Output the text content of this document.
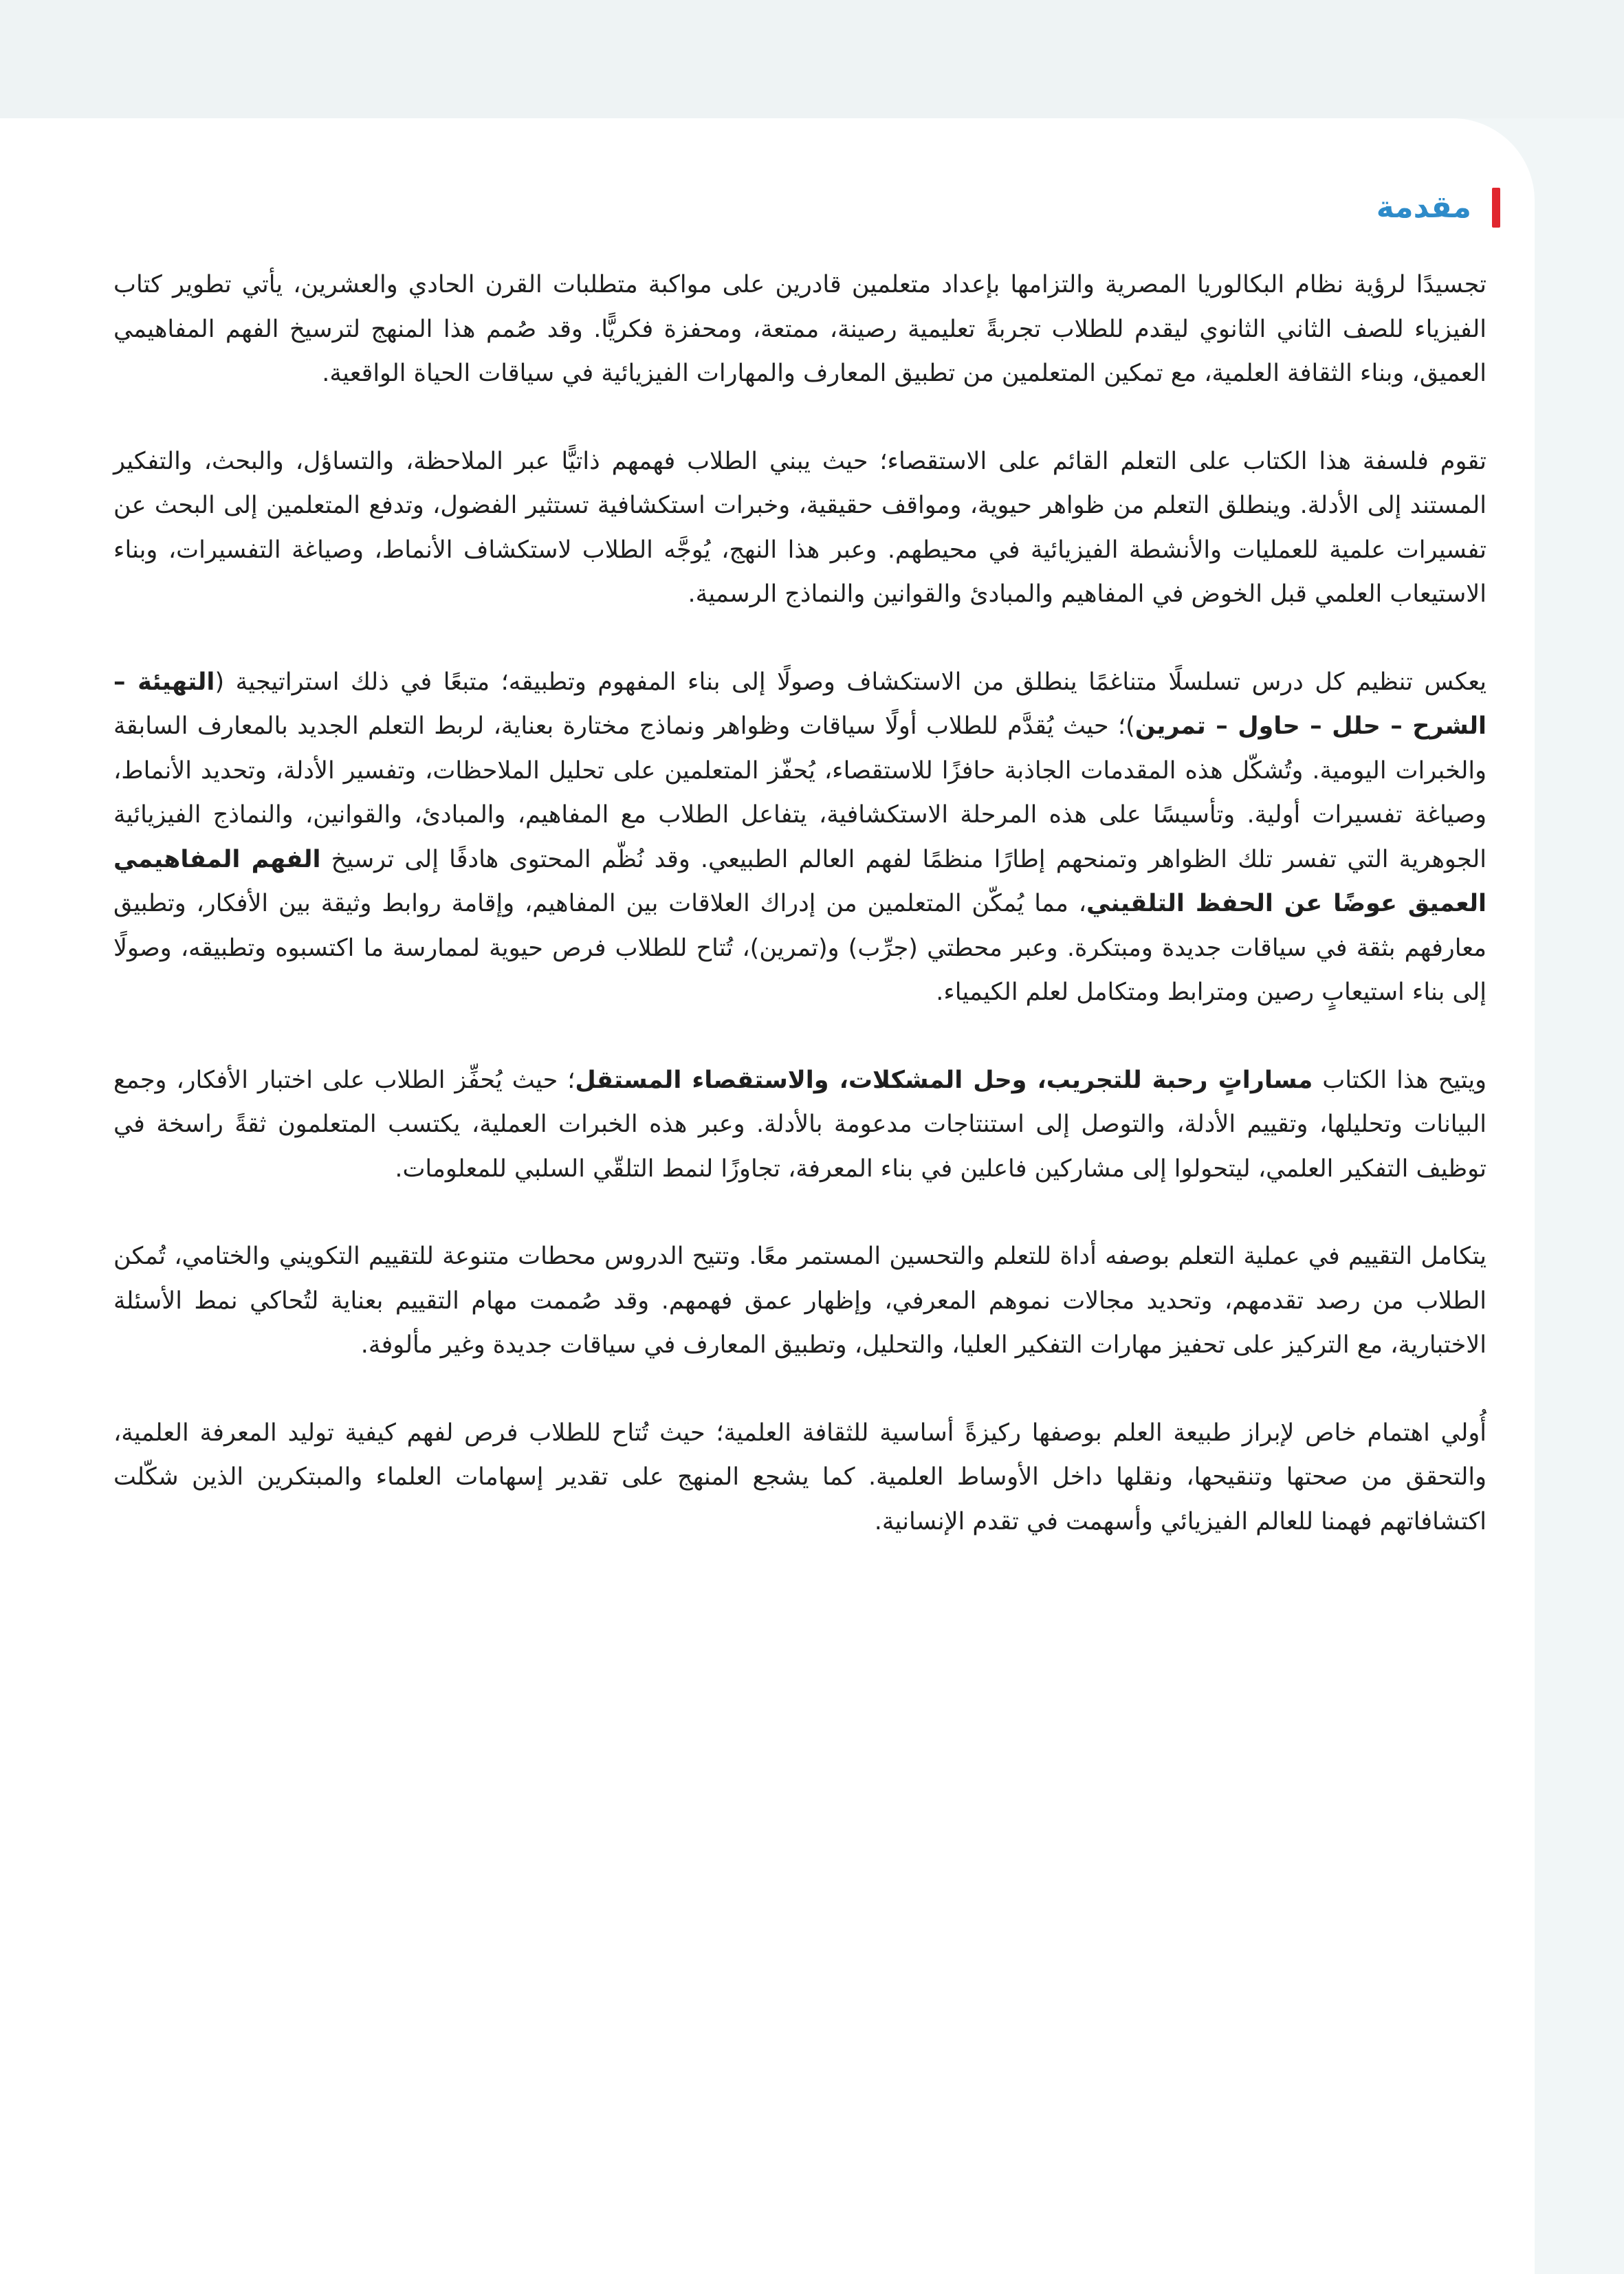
مقدمة

تجسيدًا لرؤية نظام البكالوريا المصرية والتزامها بإعداد متعلمين قادرين على مواكبة متطلبات القرن الحادي والعشرين، يأتي تطوير كتاب الفيزياء للصف الثاني الثانوي ليقدم للطلاب تجربةً تعليمية رصينة، ممتعة، ومحفزة فكريًّا. وقد صُمم هذا المنهج لترسيخ الفهم المفاهيمي العميق، وبناء الثقافة العلمية، مع تمكين المتعلمين من تطبيق المعارف والمهارات الفيزيائية في سياقات الحياة الواقعية.

تقوم فلسفة هذا الكتاب على التعلم القائم على الاستقصاء؛ حيث يبني الطلاب فهمهم ذاتيًّا عبر الملاحظة، والتساؤل، والبحث، والتفكير المستند إلى الأدلة. وينطلق التعلم من ظواهر حيوية، ومواقف حقيقية، وخبرات استكشافية تستثير الفضول، وتدفع المتعلمين إلى البحث عن تفسيرات علمية للعمليات والأنشطة الفيزيائية في محيطهم. وعبر هذا النهج، يُوجَّه الطلاب لاستكشاف الأنماط، وصياغة التفسيرات، وبناء الاستيعاب العلمي قبل الخوض في المفاهيم والمبادئ والقوانين والنماذج الرسمية.

يعكس تنظيم كل درس تسلسلًا متناغمًا ينطلق من الاستكشاف وصولًا إلى بناء المفهوم وتطبيقه؛ متبعًا في ذلك استراتيجية (التهيئة – الشرح – حلل – حاول – تمرين)؛ حيث يُقدَّم للطلاب أولًا سياقات وظواهر ونماذج مختارة بعناية، لربط التعلم الجديد بالمعارف السابقة والخبرات اليومية. وتُشكّل هذه المقدمات الجاذبة حافزًا للاستقصاء، يُحفّز المتعلمين على تحليل الملاحظات، وتفسير الأدلة، وتحديد الأنماط، وصياغة تفسيرات أولية. وتأسيسًا على هذه المرحلة الاستكشافية، يتفاعل الطلاب مع المفاهيم، والمبادئ، والقوانين، والنماذج الفيزيائية الجوهرية التي تفسر تلك الظواهر وتمنحهم إطارًا منظمًا لفهم العالم الطبيعي. وقد نُظّم المحتوى هادفًا إلى ترسيخ الفهم المفاهيمي العميق عوضًا عن الحفظ التلقيني، مما يُمكّن المتعلمين من إدراك العلاقات بين المفاهيم، وإقامة روابط وثيقة بين الأفكار، وتطبيق معارفهم بثقة في سياقات جديدة ومبتكرة. وعبر محطتي (جرِّب) و(تمرين)، تُتاح للطلاب فرص حيوية لممارسة ما اكتسبوه وتطبيقه، وصولًا إلى بناء استيعابٍ رصين ومترابط ومتكامل لعلم الكيمياء.

ويتيح هذا الكتاب مساراتٍ رحبة للتجريب، وحل المشكلات، والاستقصاء المستقل؛ حيث يُحفِّز الطلاب على اختبار الأفكار، وجمع البيانات وتحليلها، وتقييم الأدلة، والتوصل إلى استنتاجات مدعومة بالأدلة. وعبر هذه الخبرات العملية، يكتسب المتعلمون ثقةً راسخة في توظيف التفكير العلمي، ليتحولوا إلى مشاركين فاعلين في بناء المعرفة، تجاوزًا لنمط التلقّي السلبي للمعلومات.

يتكامل التقييم في عملية التعلم بوصفه أداة للتعلم والتحسين المستمر معًا. وتتيح الدروس محطات متنوعة للتقييم التكويني والختامي، تُمكن الطلاب من رصد تقدمهم، وتحديد مجالات نموهم المعرفي، وإظهار عمق فهمهم. وقد صُممت مهام التقييم بعناية لتُحاكي نمط الأسئلة الاختبارية، مع التركيز على تحفيز مهارات التفكير العليا، والتحليل، وتطبيق المعارف في سياقات جديدة وغير مألوفة.

أُولي اهتمام خاص لإبراز طبيعة العلم بوصفها ركيزةً أساسية للثقافة العلمية؛ حيث تُتاح للطلاب فرص لفهم كيفية توليد المعرفة العلمية، والتحقق من صحتها وتنقيحها، ونقلها داخل الأوساط العلمية. كما يشجع المنهج على تقدير إسهامات العلماء والمبتكرين الذين شكّلت اكتشافاتهم فهمنا للعالم الفيزيائي وأسهمت في تقدم الإنسانية.
